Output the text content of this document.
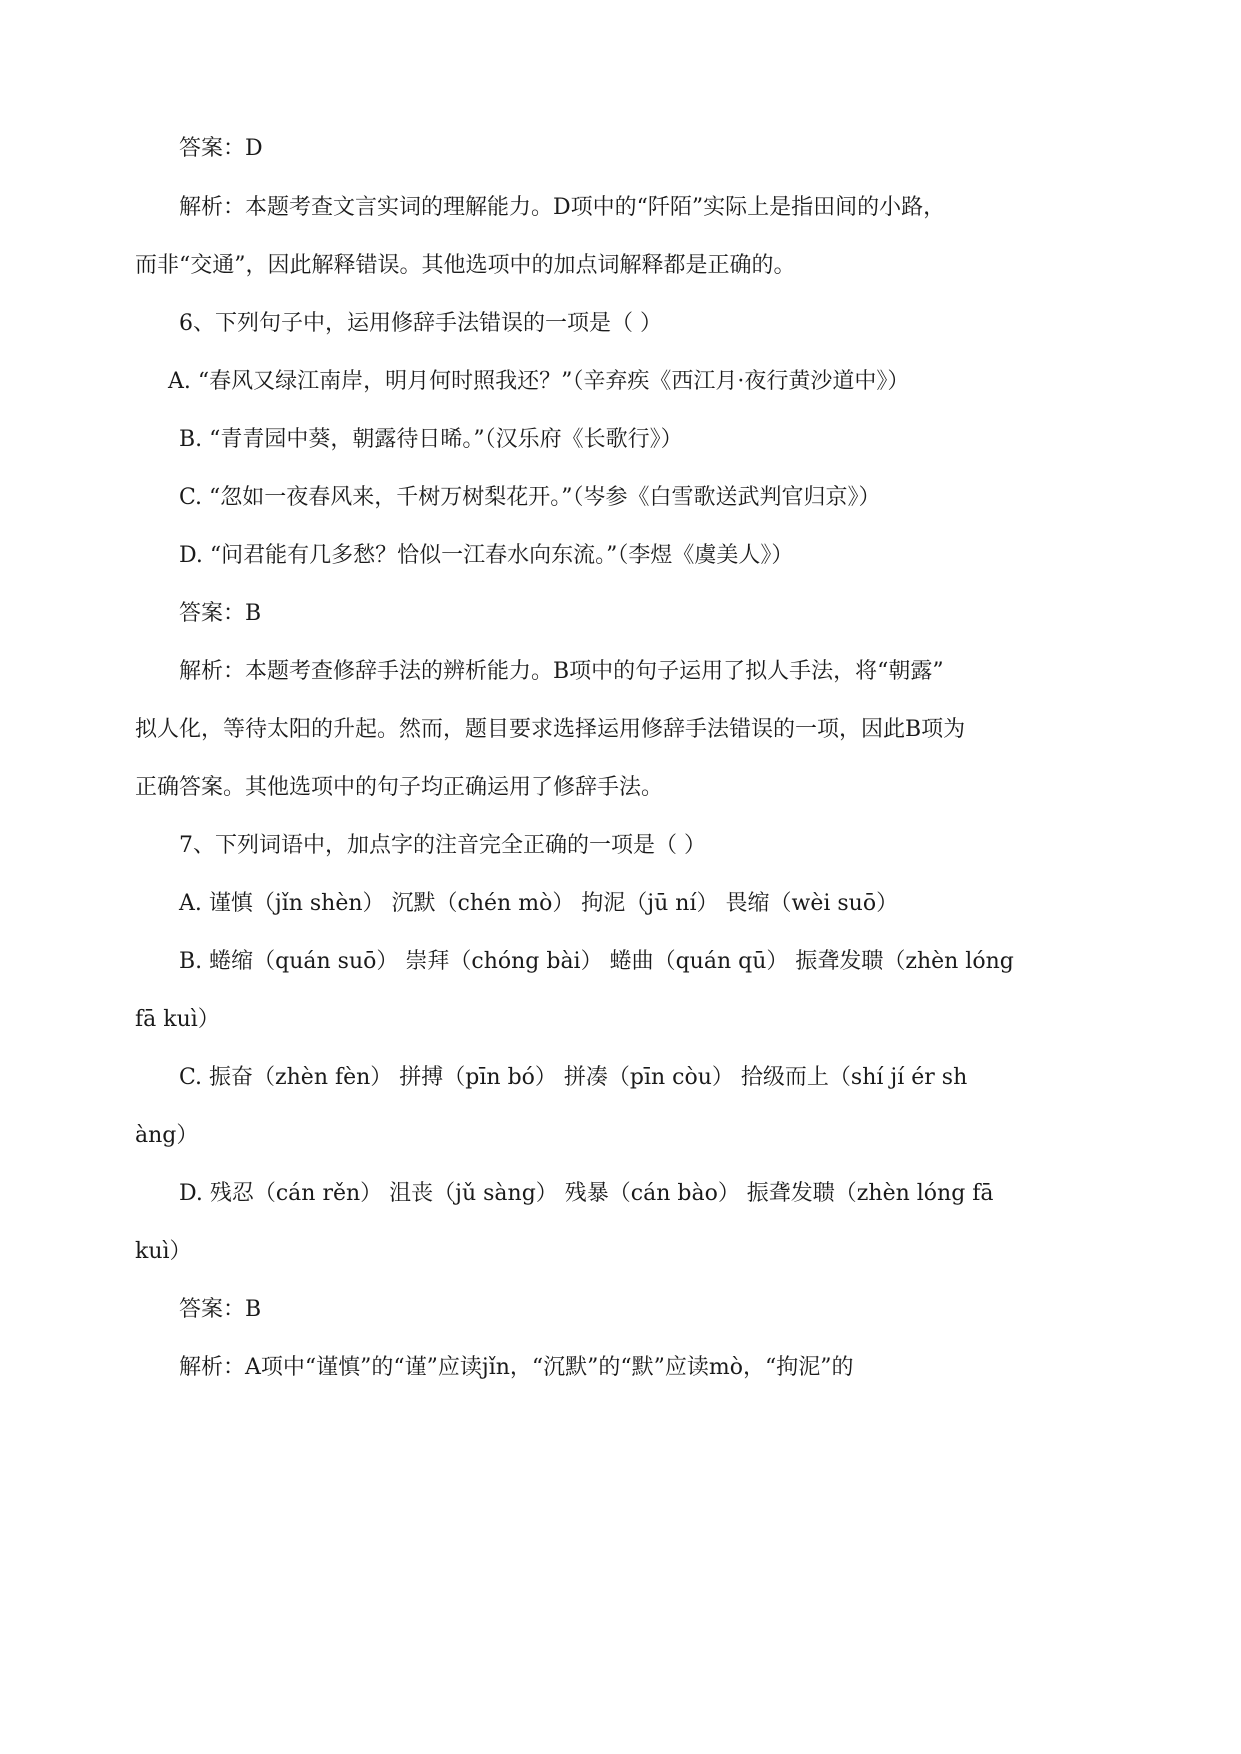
答案：D
解析：本题考查文言实词的理解能力。D项中的“阡陌”实际上是指田间的小路，
而非“交通”，因此解释错误。其他选项中的加点词解释都是正确的。
6、下列句子中，运用修辞手法错误的一项是（ ）
A. “春风又绿江南岸，明月何时照我还？”（辛弃疾《西江月·夜行黄沙道中》）
B. “青青园中葵，朝露待日晞。”（汉乐府《长歌行》）
C. “忽如一夜春风来，千树万树梨花开。”（岑参《白雪歌送武判官归京》）
D. “问君能有几多愁？恰似一江春水向东流。”（李煜《虞美人》）
答案：B
解析：本题考查修辞手法的辨析能力。B项中的句子运用了拟人手法，将“朝露”
拟人化，等待太阳的升起。然而，题目要求选择运用修辞手法错误的一项，因此B项为
正确答案。其他选项中的句子均正确运用了修辞手法。
7、下列词语中，加点字的注音完全正确的一项是（ ）
A. 谨慎（jǐn shèn） 沉默（chén mò） 拘泥（jū ní） 畏缩（wèi suō）
B. 蜷缩（quán suō） 崇拜（chóng bài） 蜷曲（quán qū） 振聋发聩（zhèn lóng
fā kuì）
C. 振奋（zhèn fèn） 拼搏（pīn bó） 拼凑（pīn còu） 拾级而上（shí jí ér sh
àng）
D. 残忍（cán rěn） 沮丧（jǔ sàng） 残暴（cán bào） 振聋发聩（zhèn lóng fā
kuì）
答案：B
解析：A项中“谨慎”的“谨”应读jǐn，“沉默”的“默”应读mò，“拘泥”的
